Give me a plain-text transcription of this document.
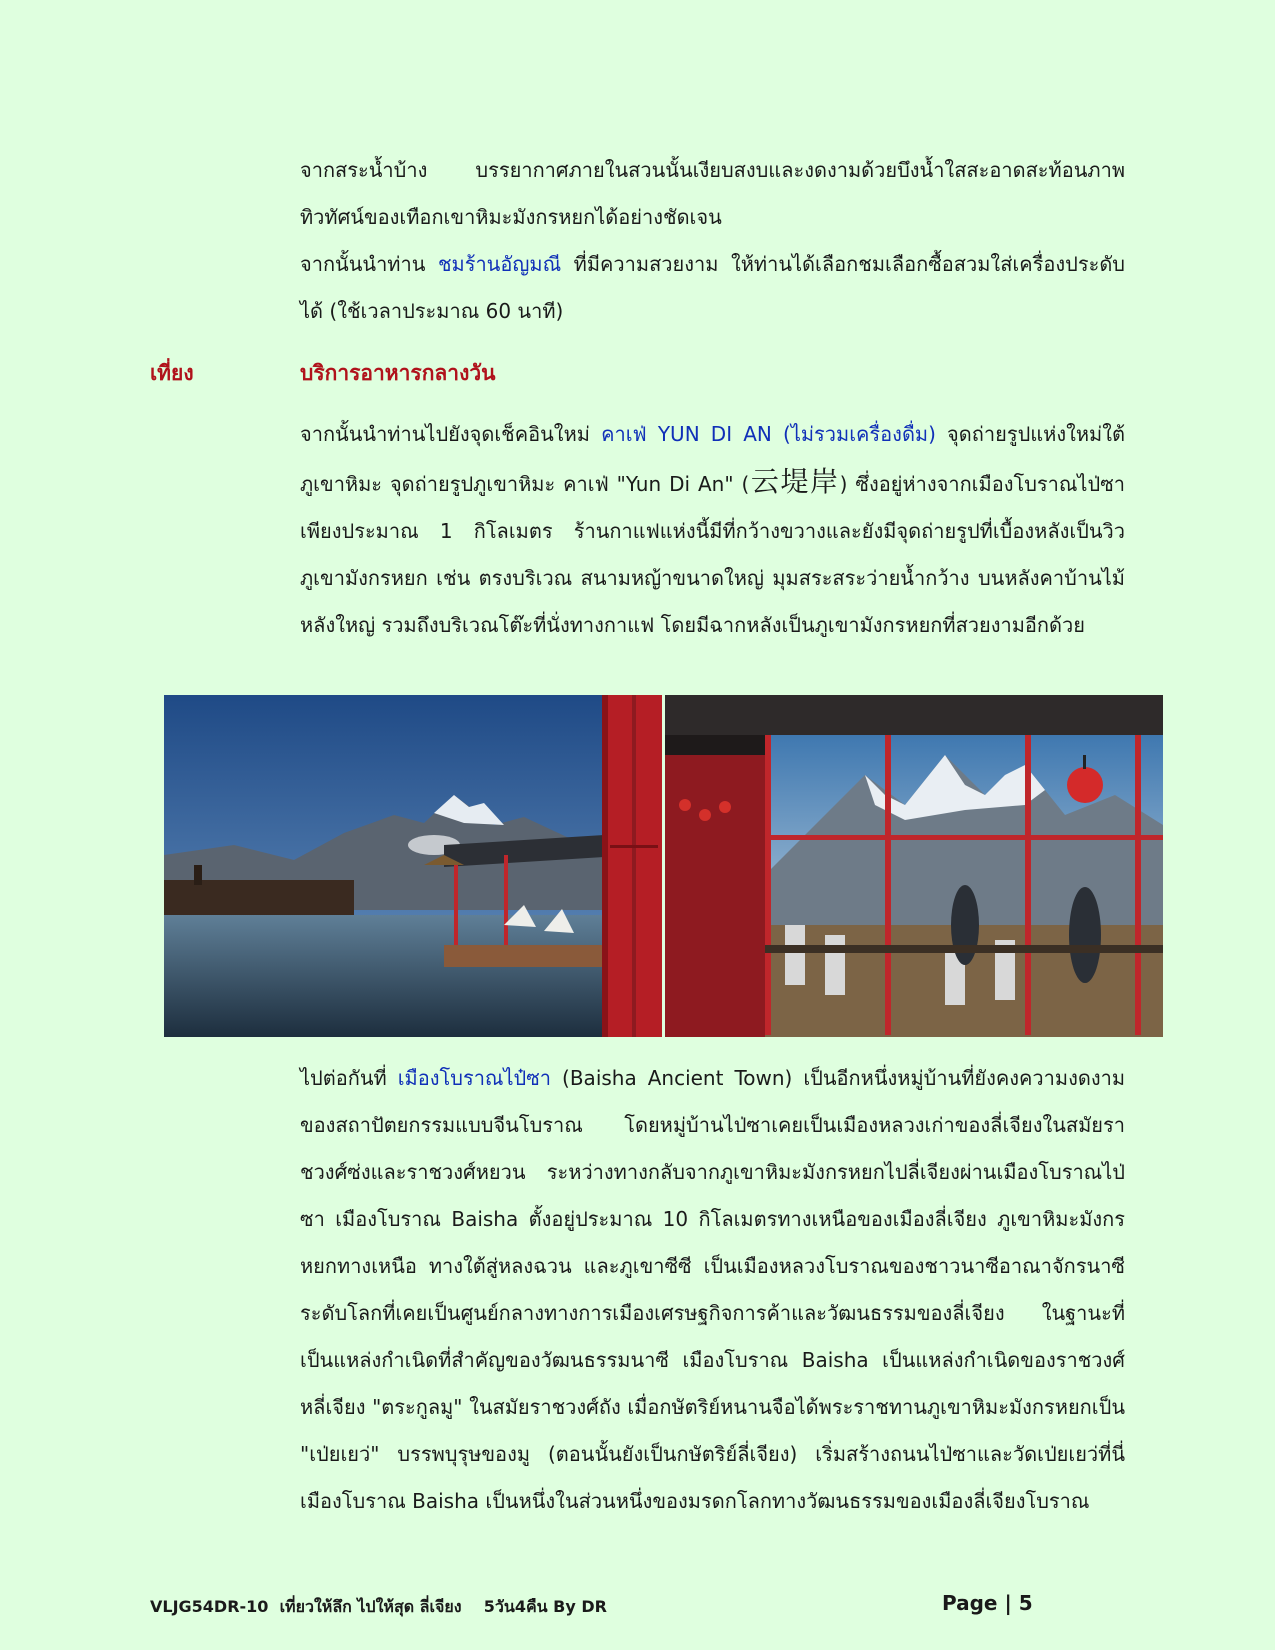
จากสระน้ำบ้าง บรรยากาศภายในสวนนั้นเงียบสงบและงดงามด้วยบึงน้ำใสสะอาดสะท้อนภาพทิวทัศน์ของเทือกเขาหิมะมังกรหยกได้อย่างชัดเจน

จากนั้นนำท่าน ชมร้านอัญมณี ที่มีความสวยงาม ให้ท่านได้เลือกชมเลือกซื้อสวมใส่เครื่องประดับได้ (ใช้เวลาประมาณ 60 นาที)

เที่ยง	บริการอาหารกลางวัน

จากนั้นนำท่านไปยังจุดเช็คอินใหม่ คาเฟ่ YUN DI AN (ไม่รวมเครื่องดื่ม) จุดถ่ายรูปแห่งใหม่ใต้ภูเขาหิมะ จุดถ่ายรูปภูเขาหิมะ คาเฟ่ "Yun Di An" (云堤岸) ซึ่งอยู่ห่างจากเมืองโบราณไป่ซาเพียงประมาณ 1 กิโลเมตร ร้านกาแฟแห่งนี้มีที่กว้างขวางและยังมีจุดถ่ายรูปที่เบื้องหลังเป็นวิวภูเขามังกรหยก เช่น ตรงบริเวณ สนามหญ้าขนาดใหญ่ มุมสระสระว่ายน้ำกว้าง บนหลังคาบ้านไม้หลังใหญ่ รวมถึงบริเวณโต๊ะที่นั่งทางกาแฟ โดยมีฉากหลังเป็นภูเขามังกรหยกที่สวยงามอีกด้วย

ไปต่อกันที่ เมืองโบราณไป๋ซา (Baisha Ancient Town) เป็นอีกหนึ่งหมู่บ้านที่ยังคงความงดงามของสถาปัตยกรรมแบบจีนโบราณ โดยหมู่บ้านไป่ซาเคยเป็นเมืองหลวงเก่าของลี่เจียงในสมัยราชวงศ์ซ่งและราชวงศ์หยวน ระหว่างทางกลับจากภูเขาหิมะมังกรหยกไปลี่เจียงผ่านเมืองโบราณไป่ซา เมืองโบราณ Baisha ตั้งอยู่ประมาณ 10 กิโลเมตรทางเหนือของเมืองลี่เจียง ภูเขาหิมะมังกรหยกทางเหนือ ทางใต้สู่หลงฉวน และภูเขาซีซี เป็นเมืองหลวงโบราณของชาวนาซีอาณาจักรนาซีระดับโลกที่เคยเป็นศูนย์กลางทางการเมืองเศรษฐกิจการค้าและวัฒนธรรมของลี่เจียง ในฐานะที่เป็นแหล่งกำเนิดที่สำคัญของวัฒนธรรมนาซี เมืองโบราณ Baisha เป็นแหล่งกำเนิดของราชวงศ์หลี่เจียง "ตระกูลมู" ในสมัยราชวงศ์ถัง เมื่อกษัตริย์หนานจือได้พระราชทานภูเขาหิมะมังกรหยกเป็น "เป่ยเยว่" บรรพบุรุษของมู (ตอนนั้นยังเป็นกษัตริย์ลี่เจียง) เริ่มสร้างถนนไป่ซาและวัดเป่ยเยว่ที่นี่ เมืองโบราณ Baisha เป็นหนึ่งในส่วนหนึ่งของมรดกโลกทางวัฒนธรรมของเมืองลี่เจียงโบราณ

VLJG54DR-10  เที่ยวให้ลึก ไปให้สุด ลี่เจียง    5วัน4คืน By DR	Page | 5
